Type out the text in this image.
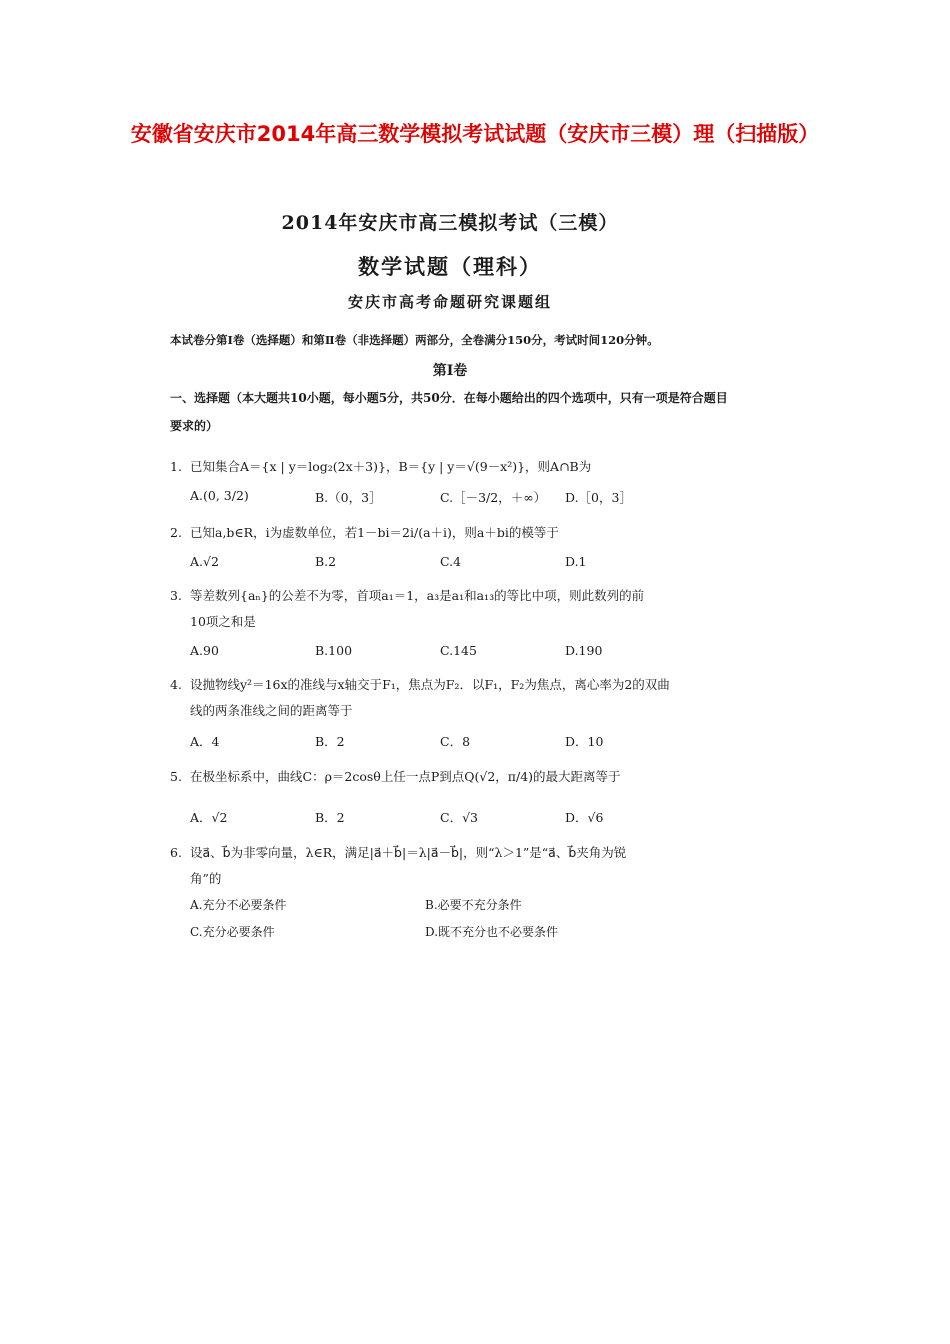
安徽省安庆市2014年高三数学模拟考试试题（安庆市三模）理（扫描版）
2014年安庆市高三模拟考试（三模）
数学试题（理科）
安庆市高考命题研究课题组
本试卷分第Ⅰ卷（选择题）和第Ⅱ卷（非选择题）两部分，全卷满分150分，考试时间120分钟。
第Ⅰ卷
一、选择题（本大题共10小题，每小题5分，共50分．在每小题给出的四个选项中，只有一项是符合题目要求的）
1. 已知集合A＝{x | y＝log₂(2x＋3)}，B＝{y | y＝√(9－x²)}，则A∩B为
A.(0, 3/2)	B.（0，3］	C.［－3/2，＋∞）	D.［0，3］
2. 已知a,b∈R，i为虚数单位，若1－bi＝2i/(a＋i)，则a＋bi的模等于
A.√2	B.2	C.4	D.1
3. 等差数列{aₙ}的公差不为零，首项a₁＝1，a₃是a₁和a₁₃的等比中项，则此数列的前
10项之和是
A.90	B.100	C.145	D.190
4. 设抛物线y²＝16x的准线与x轴交于F₁，焦点为F₂．以F₁，F₂为焦点，离心率为2的双曲
线的两条准线之间的距离等于
A．4	B．2	C．8	D．10
5. 在极坐标系中，曲线C：ρ＝2cosθ上任一点P到点Q(√2，π/4)的最大距离等于
A．√2	B．2	C．√3	D．√6
6. 设a⃗、b⃗为非零向量，λ∈R，满足|a⃗＋b⃗|＝λ|a⃗－b⃗|，则“λ＞1”是“a⃗、b⃗夹角为锐
角”的
A.充分不必要条件	B.必要不充分条件
C.充分必要条件	D.既不充分也不必要条件
